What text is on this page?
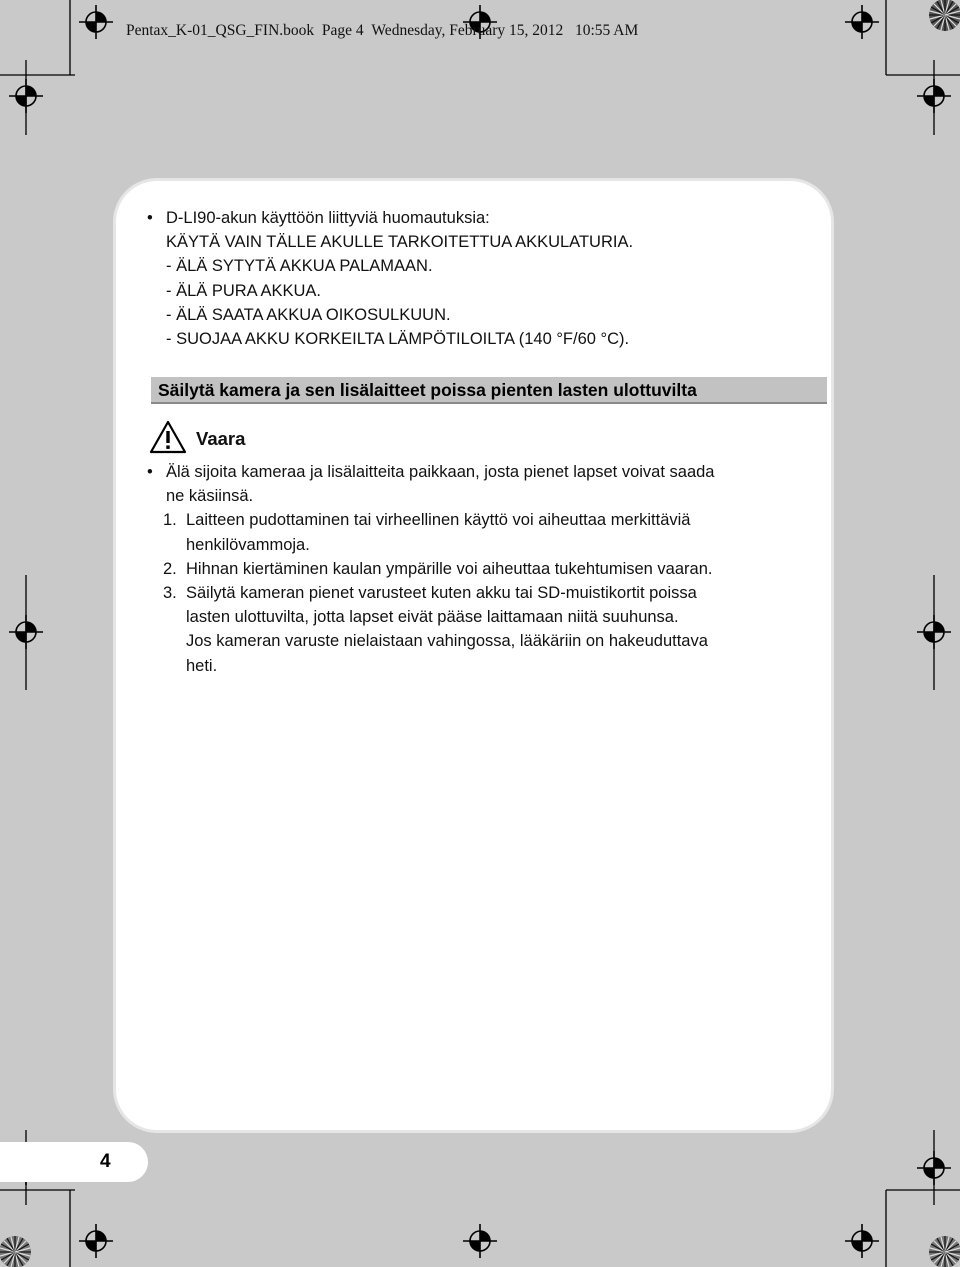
Pentax_K-01_QSG_FIN.book Page 4 Wednesday, February 15, 2012 10:55 AM
• D-LI90-akun käyttöön liittyviä huomautuksia:
KÄYTÄ VAIN TÄLLE AKULLE TARKOITETTUA AKKULATURIA.
- ÄLÄ SYTYTÄ AKKUA PALAMAAN.
- ÄLÄ PURA AKKUA.
- ÄLÄ SAATA AKKUA OIKOSULKUUN.
- SUOJAA AKKU KORKEILTA LÄMPÖTILOILTA (140 °F/60 °C).
Säilytä kamera ja sen lisälaitteet poissa pienten lasten ulottuvilta
Vaara
• Älä sijoita kameraa ja lisälaitteita paikkaan, josta pienet lapset voivat saada
ne käsiinsä.
1. Laitteen pudottaminen tai virheellinen käyttö voi aiheuttaa merkittäviä
henkilövammoja.
2. Hihnan kiertäminen kaulan ympärille voi aiheuttaa tukehtumisen vaaran.
3. Säilytä kameran pienet varusteet kuten akku tai SD-muistikortit poissa
lasten ulottuvilta, jotta lapset eivät pääse laittamaan niitä suuhunsa.
Jos kameran varuste nielaistaan vahingossa, lääkäriin on hakeuduttava
heti.
4
